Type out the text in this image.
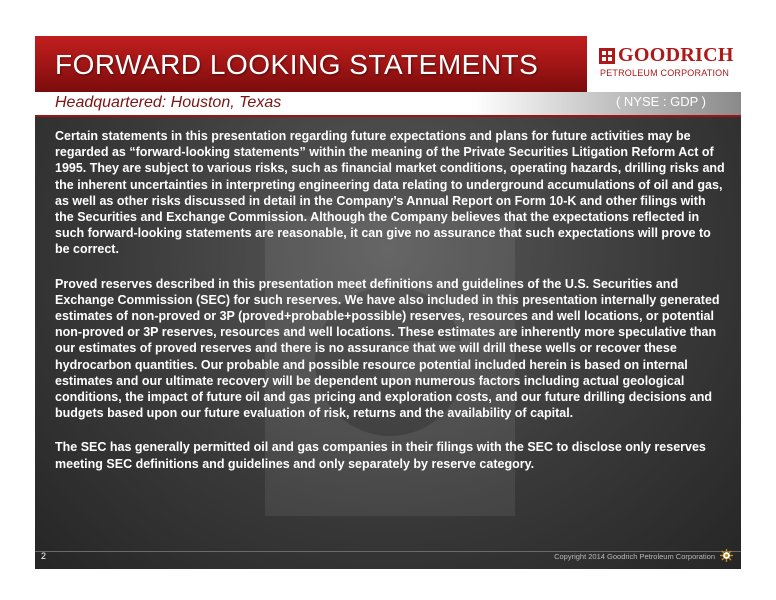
FORWARD LOOKING STATEMENTS	GOODRICH
PETROLEUM CORPORATION
Headquartered: Houston, Texas	( NYSE : GDP )

Certain statements in this presentation regarding future expectations and plans for future activities may be regarded as “forward-looking statements” within the meaning of the Private Securities Litigation Reform Act of 1995. They are subject to various risks, such as financial market conditions, operating hazards, drilling risks and the inherent uncertainties in interpreting engineering data relating to underground accumulations of oil and gas, as well as other risks discussed in detail in the Company’s Annual Report on Form 10-K and other filings with the Securities and Exchange Commission. Although the Company believes that the expectations reflected in such forward-looking statements are reasonable, it can give no assurance that such expectations will prove to be correct.

Proved reserves described in this presentation meet definitions and guidelines of the U.S. Securities and Exchange Commission (SEC) for such reserves. We have also included in this presentation internally generated estimates of non-proved or 3P (proved+probable+possible) reserves, resources and well locations, or potential non-proved or 3P reserves, resources and well locations. These estimates are inherently more speculative than our estimates of proved reserves and there is no assurance that we will drill these wells or recover these hydrocarbon quantities. Our probable and possible resource potential included herein is based on internal estimates and our ultimate recovery will be dependent upon numerous factors including actual geological conditions, the impact of future oil and gas pricing and exploration costs, and our future drilling decisions and budgets based upon our future evaluation of risk, returns and the availability of capital.

The SEC has generally permitted oil and gas companies in their filings with the SEC to disclose only reserves meeting SEC definitions and guidelines and only separately by reserve category.

2	Copyright 2014 Goodrich Petroleum Corporation
